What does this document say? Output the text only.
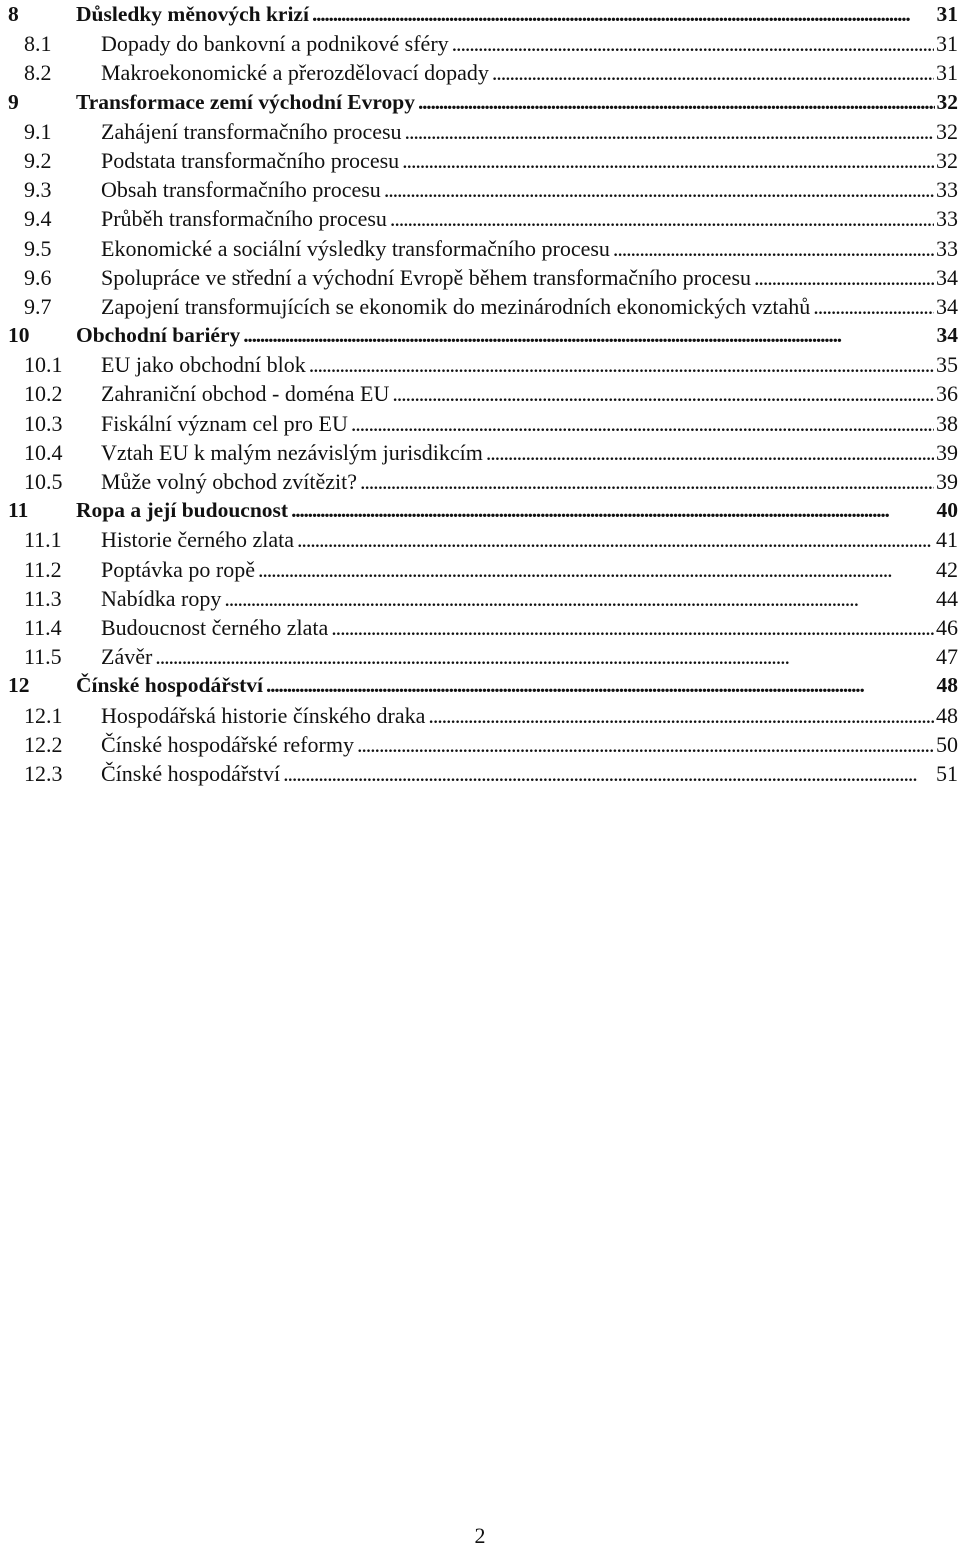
8	Důsledky měnových krizí . . .	31
8.1 Dopady do bankovní a podnikové sféry . . .	31
8.2 Makroekonomické a přerozdělovací dopady . . .	31
9	Transformace zemí východní Evropy . . .	32
9.1 Zahájení transformačního procesu . . .	32
9.2 Podstata transformačního procesu . . .	32
9.3 Obsah transformačního procesu . . .	33
9.4 Průběh transformačního procesu . . .	33
9.5 Ekonomické a sociální výsledky transformačního procesu . . .	33
9.6 Spolupráce ve střední a východní Evropě během transformačního procesu . . .	34
9.7 Zapojení transformujících se ekonomik do mezinárodních ekonomických vztahů . . .	34
10 Obchodní bariéry . . .	34
10.1 EU jako obchodní blok . . .	35
10.2 Zahraniční obchod - doména EU . . .	36
10.3 Fiskální význam cel pro EU . . .	38
10.4 Vztah EU k malým nezávislým jurisdikcím . . .	39
10.5 Může volný obchod zvítězit? . . .	39
11 Ropa a její budoucnost . . .	40
11.1 Historie černého zlata . . .	41
11.2 Poptávka po ropě . . .	42
11.3 Nabídka ropy . . .	44
11.4 Budoucnost černého zlata . . .	46
11.5 Závěr . . .	47
12 Čínské hospodářství . . .	48
12.1 Hospodářská historie čínského draka . . .	48
12.2 Čínské hospodářské reformy . . .	50
12.3 Čínské hospodářství . . .	51
2
